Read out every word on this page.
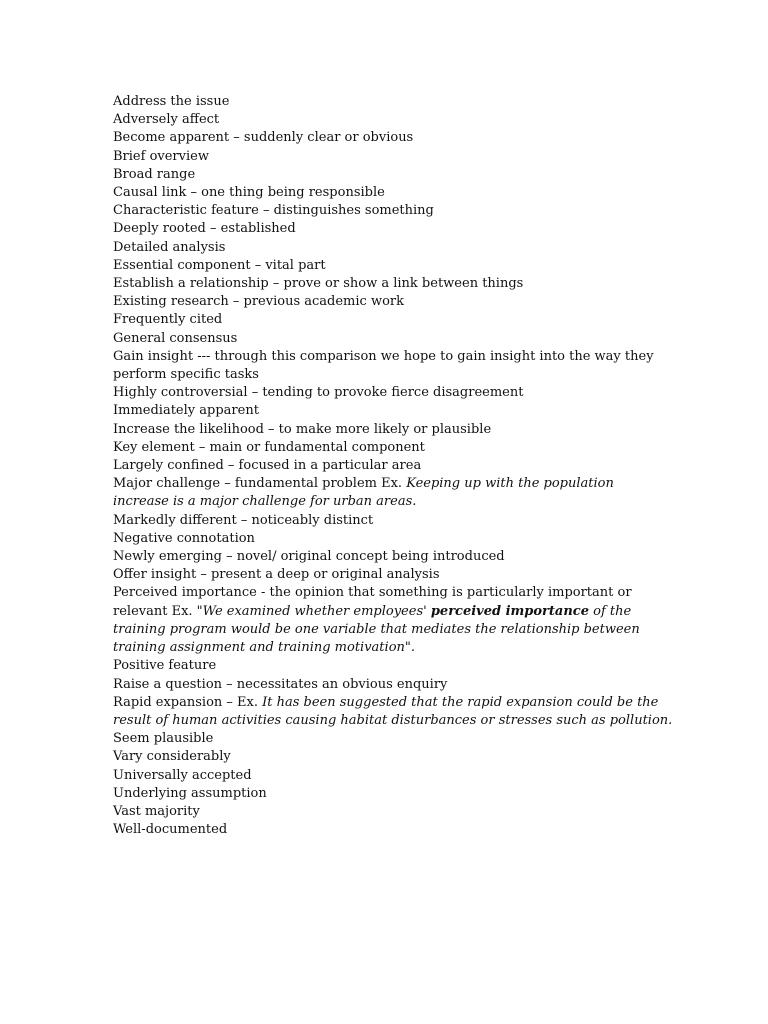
Address the issue

Adversely affect

Become apparent – suddenly clear or obvious

Brief overview

Broad range

Causal link – one thing being responsible

Characteristic feature – distinguishes something

Deeply rooted – established

Detailed analysis

Essential component – vital part

Establish a relationship – prove or show a link between things

Existing research – previous academic work

Frequently cited

General consensus

Gain insight --- through this comparison we hope to gain insight into the way they perform specific tasks

Highly controversial – tending to provoke fierce disagreement

Immediately apparent

Increase the likelihood – to make more likely or plausible

Key element – main or fundamental component

Largely confined – focused in a particular area

Major challenge – fundamental problem Ex. Keeping up with the population increase is a major challenge for urban areas.

Markedly different – noticeably distinct

Negative connotation

Newly emerging – novel/ original concept being introduced

Offer insight – present a deep or original analysis

Perceived importance - the opinion that something is particularly important or relevant Ex. "We examined whether employees' perceived importance of the training program would be one variable that mediates the relationship between training assignment and training motivation".

Positive feature

Raise a question – necessitates an obvious enquiry

Rapid expansion – Ex. It has been suggested that the rapid expansion could be the result of human activities causing habitat disturbances or stresses such as pollution.

Seem plausible

Vary considerably

Universally accepted

Underlying assumption

Vast majority

Well-documented
